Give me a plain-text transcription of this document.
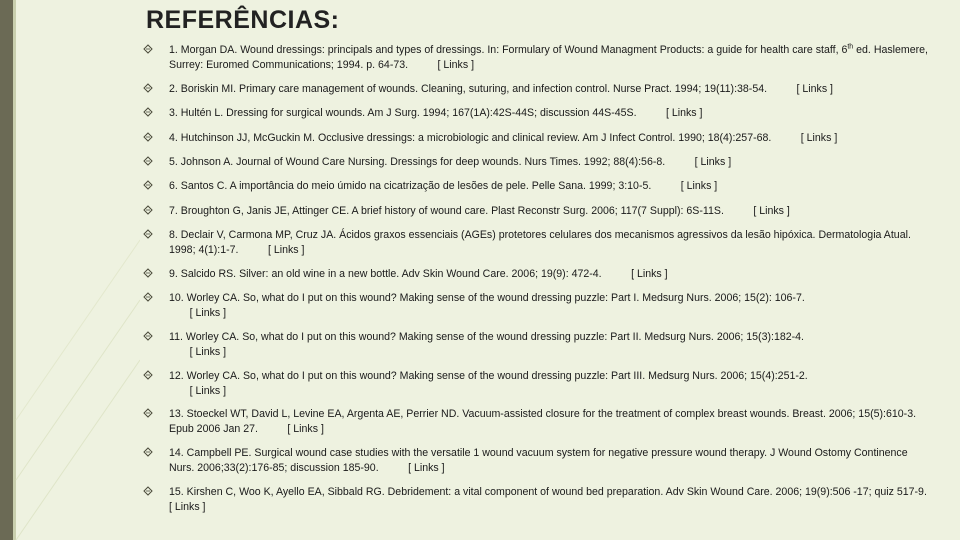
REFERÊNCIAS:
1. Morgan DA. Wound dressings: principals and types of dressings. In: Formulary of Wound Managment Products: a guide for health care staff, 6th ed. Haslemere, Surrey: Euromed Communications; 1994. p. 64-73.          [ Links ]
2. Boriskin MI. Primary care management of wounds. Cleaning, suturing, and infection control. Nurse Pract. 1994; 19(11):38-54.          [ Links ]
3. Hultén L. Dressing for surgical wounds. Am J Surg. 1994; 167(1A):42S-44S; discussion 44S-45S.          [ Links ]
4. Hutchinson JJ, McGuckin M. Occlusive dressings: a microbiologic and clinical review. Am J Infect Control. 1990; 18(4):257-68.          [ Links ]
5. Johnson A. Journal of Wound Care Nursing. Dressings for deep wounds. Nurs Times. 1992; 88(4):56-8.          [ Links ]
6. Santos C. A importância do meio úmido na cicatrização de lesões de pele. Pelle Sana. 1999; 3:10-5.          [ Links ]
7. Broughton G, Janis JE, Attinger CE. A brief history of wound care. Plast Reconstr Surg. 2006; 117(7 Suppl): 6S-11S.          [ Links ]
8. Declair V, Carmona MP, Cruz JA. Ácidos graxos essenciais (AGEs) protetores celulares dos mecanismos agressivos da lesão hipóxica. Dermatologia Atual. 1998; 4(1):1-7.          [ Links ]
9. Salcido RS. Silver: an old wine in a new bottle. Adv Skin Wound Care. 2006; 19(9): 472-4.          [ Links ]
10. Worley CA. So, what do I put on this wound? Making sense of the wound dressing puzzle: Part I. Medsurg Nurs. 2006; 15(2): 106-7.
[ Links ]
11. Worley CA. So, what do I put on this wound? Making sense of the wound dressing puzzle: Part II. Medsurg Nurs. 2006; 15(3):182-4.
[ Links ]
12. Worley CA. So, what do I put on this wound? Making sense of the wound dressing puzzle: Part III. Medsurg Nurs. 2006; 15(4):251-2.
[ Links ]
13. Stoeckel WT, David L, Levine EA, Argenta AE, Perrier ND. Vacuum-assisted closure for the treatment of complex breast wounds. Breast. 2006; 15(5):610-3. Epub 2006 Jan 27.          [ Links ]
14. Campbell PE. Surgical wound case studies with the versatile 1 wound vacuum system for negative pressure wound therapy. J Wound Ostomy Continence Nurs. 2006;33(2):176-85; discussion 185-90.          [ Links ]
15. Kirshen C, Woo K, Ayello EA, Sibbald RG. Debridement: a vital component of wound bed preparation. Adv Skin Wound Care. 2006; 19(9):506 -17; quiz 517-9.          [ Links ]
